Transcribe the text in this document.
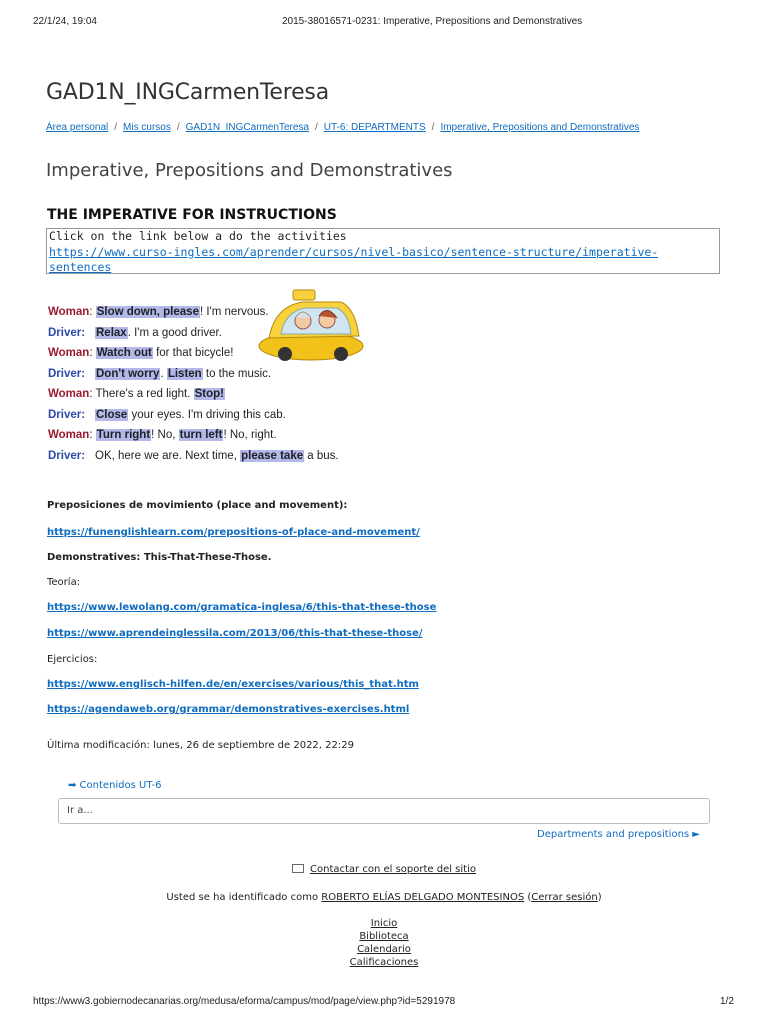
22/1/24, 19:04	2015-38016571-0231: Imperative, Prepositions and Demonstratives
GAD1N_INGCarmenTeresa
Área personal / Mis cursos / GAD1N_INGCarmenTeresa / UT-6: DEPARTMENTS / Imperative, Prepositions and Demonstratives
Imperative, Prepositions and Demonstratives
THE IMPERATIVE FOR INSTRUCTIONS
Click on the link below a do the activities
https://www.curso-ingles.com/aprender/cursos/nivel-basico/sentence-structure/imperative-
sentences
Woman: Slow down, please! I'm nervous.
Driver: Relax. I'm a good driver.
Woman: Watch out for that bicycle!
Driver: Don't worry. Listen to the music.
Woman: There's a red light. Stop!
Driver: Close your eyes. I'm driving this cab.
Woman: Turn right! No, turn left! No, right.
Driver: OK, here we are. Next time, please take a bus.
Preposiciones de movimiento (place and movement):
https://funenglishlearn.com/prepositions-of-place-and-movement/
Demonstratives: This-That-These-Those.
Teoría:
https://www.lewolang.com/gramatica-inglesa/6/this-that-these-those
https://www.aprendeinglessila.com/2013/06/this-that-these-those/
Ejercicios:
https://www.englisch-hilfen.de/en/exercises/various/this_that.htm
https://agendaweb.org/grammar/demonstratives-exercises.html
Última modificación: lunes, 26 de septiembre de 2022, 22:29
➡ Contenidos UT-6
Ir a...
Departments and prepositions ►
Contactar con el soporte del sitio
Usted se ha identificado como ROBERTO ELÍAS DELGADO MONTESINOS (Cerrar sesión)
Inicio
Biblioteca
Calendario
Calificaciones
https://www3.gobiernodecanarias.org/medusa/eforma/campus/mod/page/view.php?id=5291978	1/2
